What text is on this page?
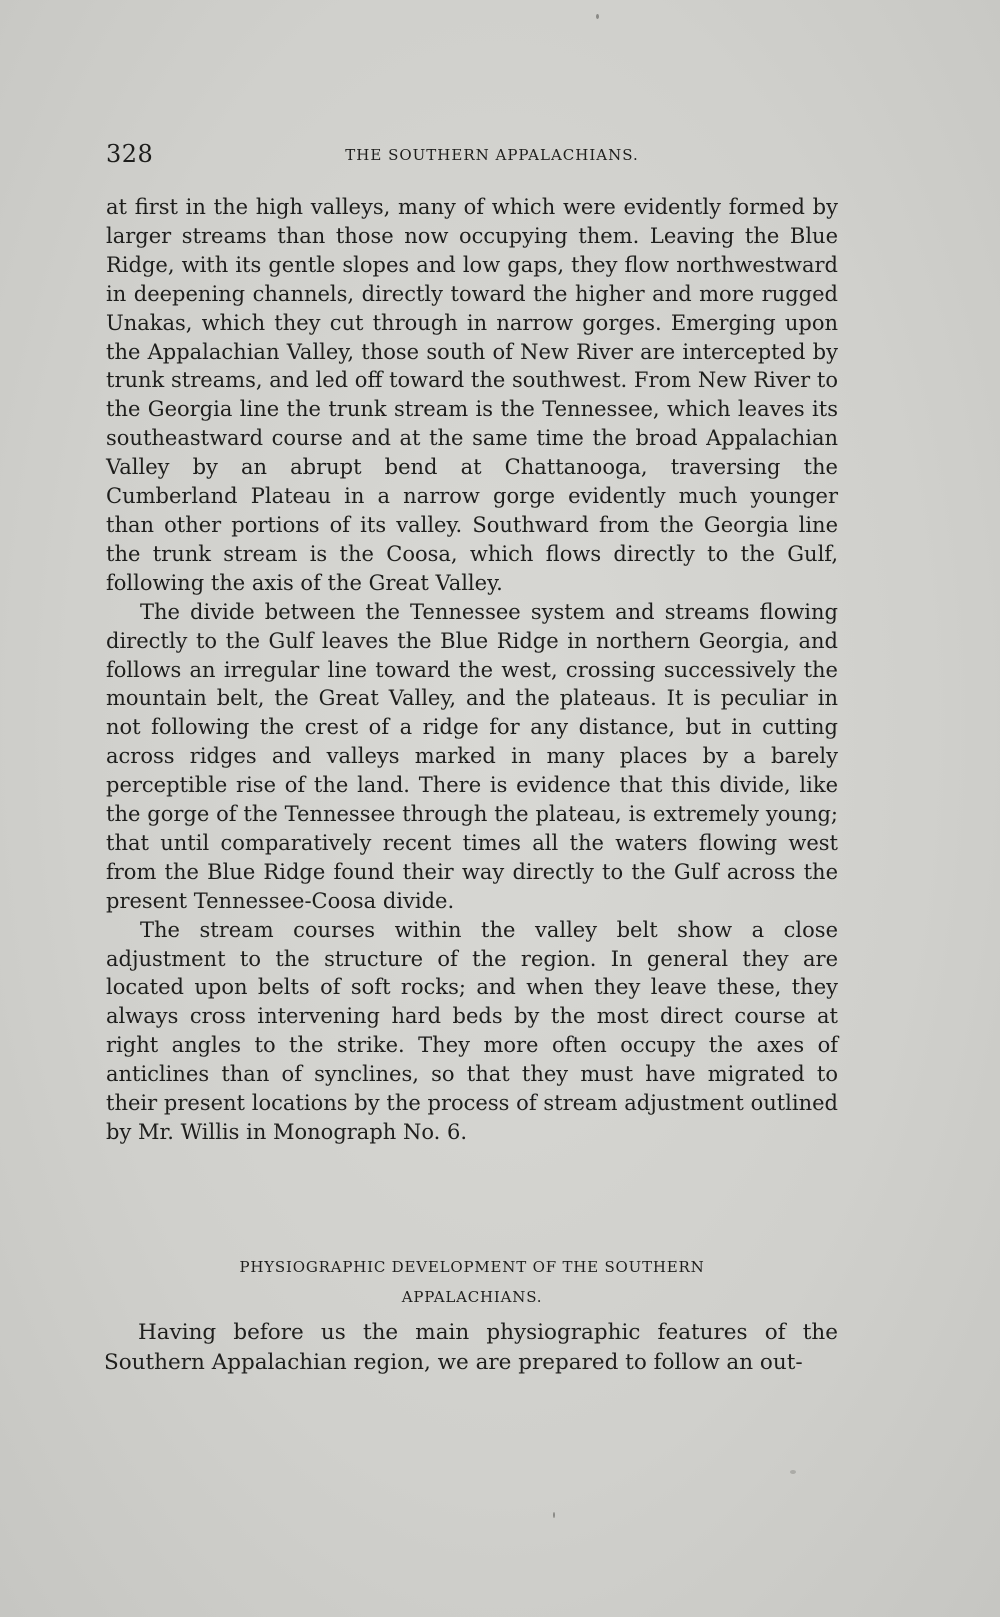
328	THE SOUTHERN APPALACHIANS.

at first in the high valleys, many of which were evidently formed by larger streams than those now occupying them. Leaving the Blue Ridge, with its gentle slopes and low gaps, they flow northwestward in deepening channels, directly toward the higher and more rugged Unakas, which they cut through in narrow gorges. Emerging upon the Appalachian Valley, those south of New River are intercepted by trunk streams, and led off toward the southwest. From New River to the Georgia line the trunk stream is the Tennessee, which leaves its southeastward course and at the same time the broad Appalachian Valley by an abrupt bend at Chattanooga, traversing the Cumberland Plateau in a narrow gorge evidently much younger than other portions of its valley. Southward from the Georgia line the trunk stream is the Coosa, which flows directly to the Gulf, following the axis of the Great Valley.

The divide between the Tennessee system and streams flowing directly to the Gulf leaves the Blue Ridge in northern Georgia, and follows an irregular line toward the west, crossing successively the mountain belt, the Great Valley, and the plateaus. It is peculiar in not following the crest of a ridge for any distance, but in cutting across ridges and valleys marked in many places by a barely perceptible rise of the land. There is evidence that this divide, like the gorge of the Tennessee through the plateau, is extremely young; that until comparatively recent times all the waters flowing west from the Blue Ridge found their way directly to the Gulf across the present Tennessee-Coosa divide.

The stream courses within the valley belt show a close adjustment to the structure of the region. In general they are located upon belts of soft rocks; and when they leave these, they always cross intervening hard beds by the most direct course at right angles to the strike. They more often occupy the axes of anticlines than of synclines, so that they must have migrated to their present locations by the process of stream adjustment outlined by Mr. Willis in Monograph No. 6.

PHYSIOGRAPHIC DEVELOPMENT OF THE SOUTHERN
APPALACHIANS.

Having before us the main physiographic features of the Southern Appalachian region, we are prepared to follow an out-
